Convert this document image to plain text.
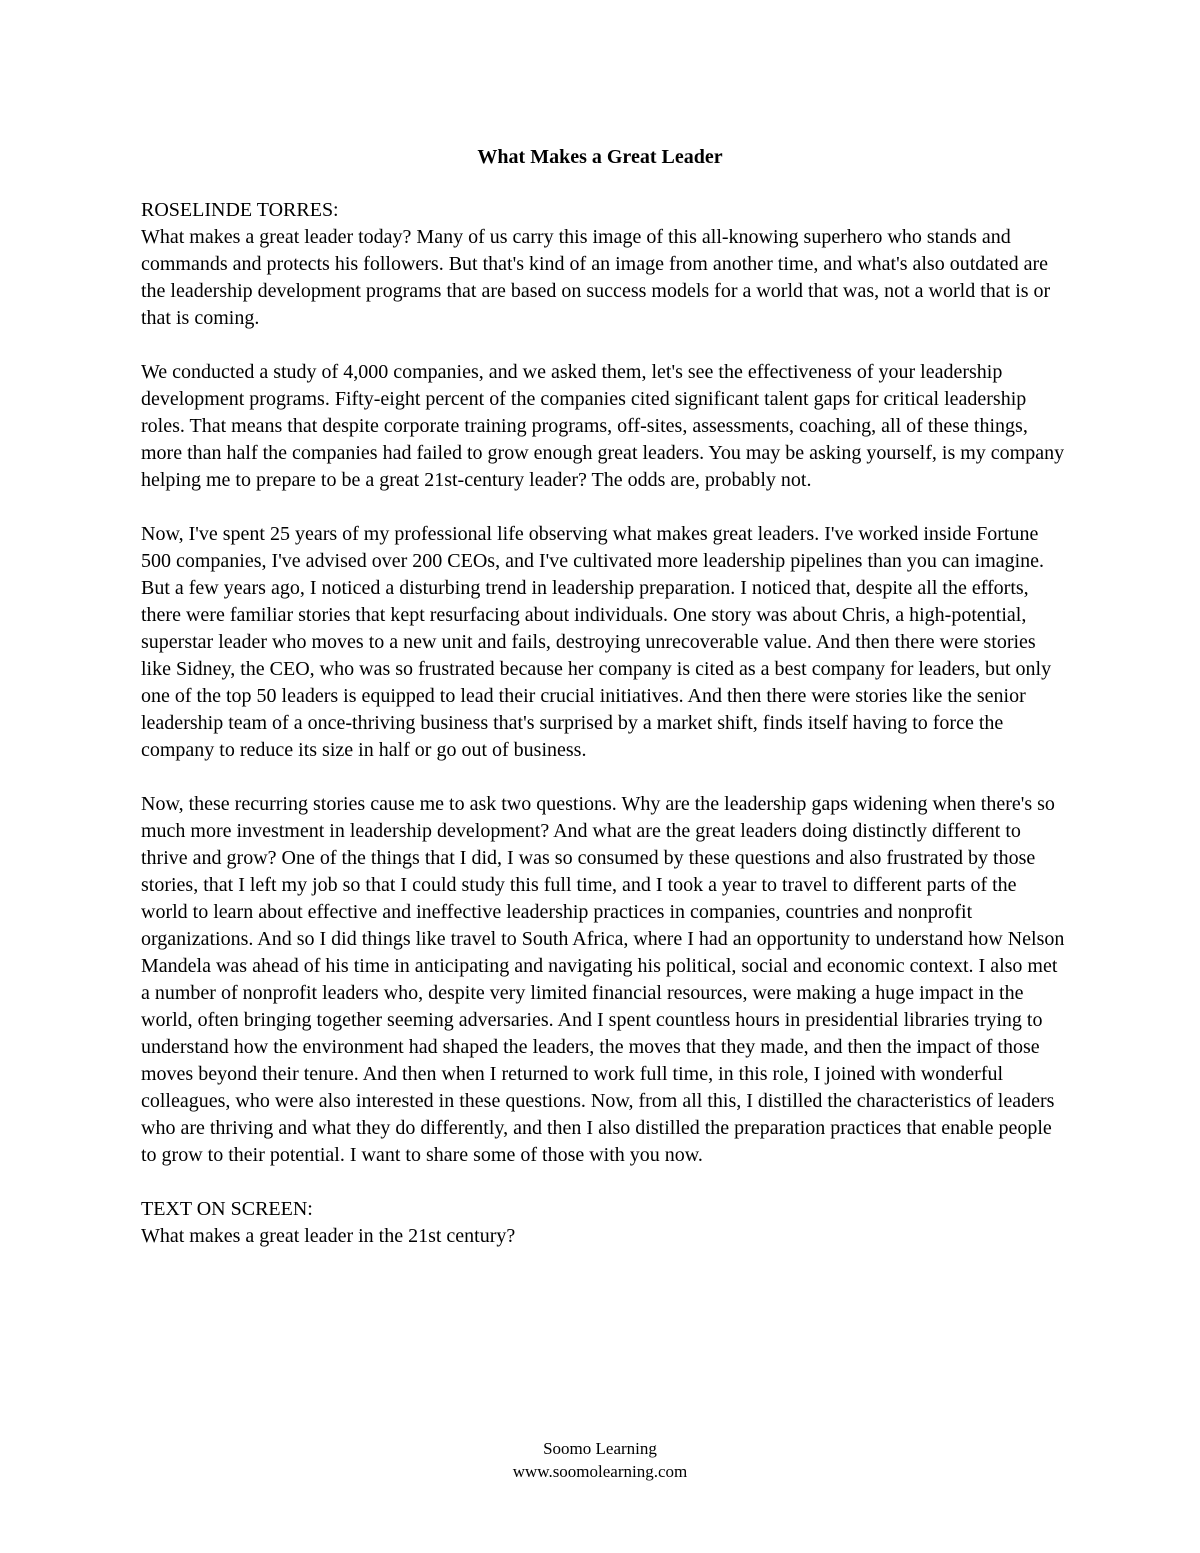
What Makes a Great Leader

ROSELINDE TORRES:
What makes a great leader today? Many of us carry this image of this all-knowing superhero who stands and commands and protects his followers. But that's kind of an image from another time, and what's also outdated are the leadership development programs that are based on success models for a world that was, not a world that is or that is coming.

We conducted a study of 4,000 companies, and we asked them, let's see the effectiveness of your leadership development programs. Fifty-eight percent of the companies cited significant talent gaps for critical leadership roles. That means that despite corporate training programs, off-sites, assessments, coaching, all of these things, more than half the companies had failed to grow enough great leaders. You may be asking yourself, is my company helping me to prepare to be a great 21st-century leader? The odds are, probably not.

Now, I've spent 25 years of my professional life observing what makes great leaders. I've worked inside Fortune 500 companies, I've advised over 200 CEOs, and I've cultivated more leadership pipelines than you can imagine. But a few years ago, I noticed a disturbing trend in leadership preparation. I noticed that, despite all the efforts, there were familiar stories that kept resurfacing about individuals. One story was about Chris, a high-potential, superstar leader who moves to a new unit and fails, destroying unrecoverable value. And then there were stories like Sidney, the CEO, who was so frustrated because her company is cited as a best company for leaders, but only one of the top 50 leaders is equipped to lead their crucial initiatives. And then there were stories like the senior leadership team of a once-thriving business that's surprised by a market shift, finds itself having to force the company to reduce its size in half or go out of business.

Now, these recurring stories cause me to ask two questions. Why are the leadership gaps widening when there's so much more investment in leadership development? And what are the great leaders doing distinctly different to thrive and grow? One of the things that I did, I was so consumed by these questions and also frustrated by those stories, that I left my job so that I could study this full time, and I took a year to travel to different parts of the world to learn about effective and ineffective leadership practices in companies, countries and nonprofit organizations. And so I did things like travel to South Africa, where I had an opportunity to understand how Nelson Mandela was ahead of his time in anticipating and navigating his political, social and economic context. I also met a number of nonprofit leaders who, despite very limited financial resources, were making a huge impact in the world, often bringing together seeming adversaries. And I spent countless hours in presidential libraries trying to understand how the environment had shaped the leaders, the moves that they made, and then the impact of those moves beyond their tenure. And then when I returned to work full time, in this role, I joined with wonderful colleagues, who were also interested in these questions. Now, from all this, I distilled the characteristics of leaders who are thriving and what they do differently, and then I also distilled the preparation practices that enable people to grow to their potential. I want to share some of those with you now.

TEXT ON SCREEN:
What makes a great leader in the 21st century?

Soomo Learning
www.soomolearning.com
